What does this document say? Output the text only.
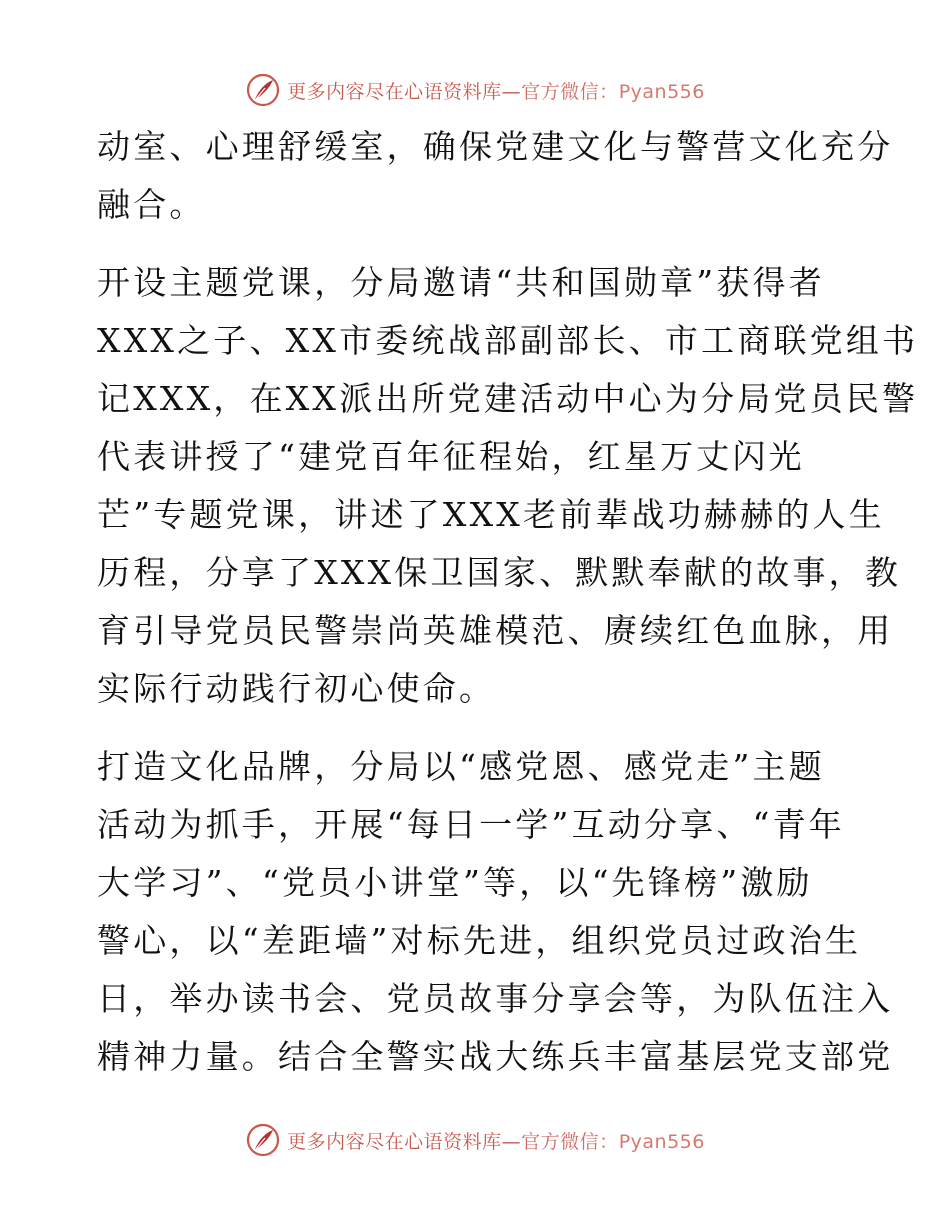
更多内容尽在心语资料库—官方微信：Pyan556
动室、心理舒缓室，确保党建文化与警营文化充分
融合。
开设主题党课，分局邀请“共和国勋章”获得者
XXX之子、XX市委统战部副部长、市工商联党组书
记XXX，在XX派出所党建活动中心为分局党员民警
代表讲授了“建党百年征程始，红星万丈闪光
芒”专题党课，讲述了XXX老前辈战功赫赫的人生
历程，分享了XXX保卫国家、默默奉献的故事，教
育引导党员民警崇尚英雄模范、赓续红色血脉，用
实际行动践行初心使命。
打造文化品牌，分局以“感党恩、感党走”主题
活动为抓手，开展“每日一学”互动分享、“青年
大学习”、“党员小讲堂”等，以“先锋榜”激励
警心，以“差距墙”对标先进，组织党员过政治生
日，举办读书会、党员故事分享会等，为队伍注入
精神力量。结合全警实战大练兵丰富基层党支部党
更多内容尽在心语资料库—官方微信：Pyan556
